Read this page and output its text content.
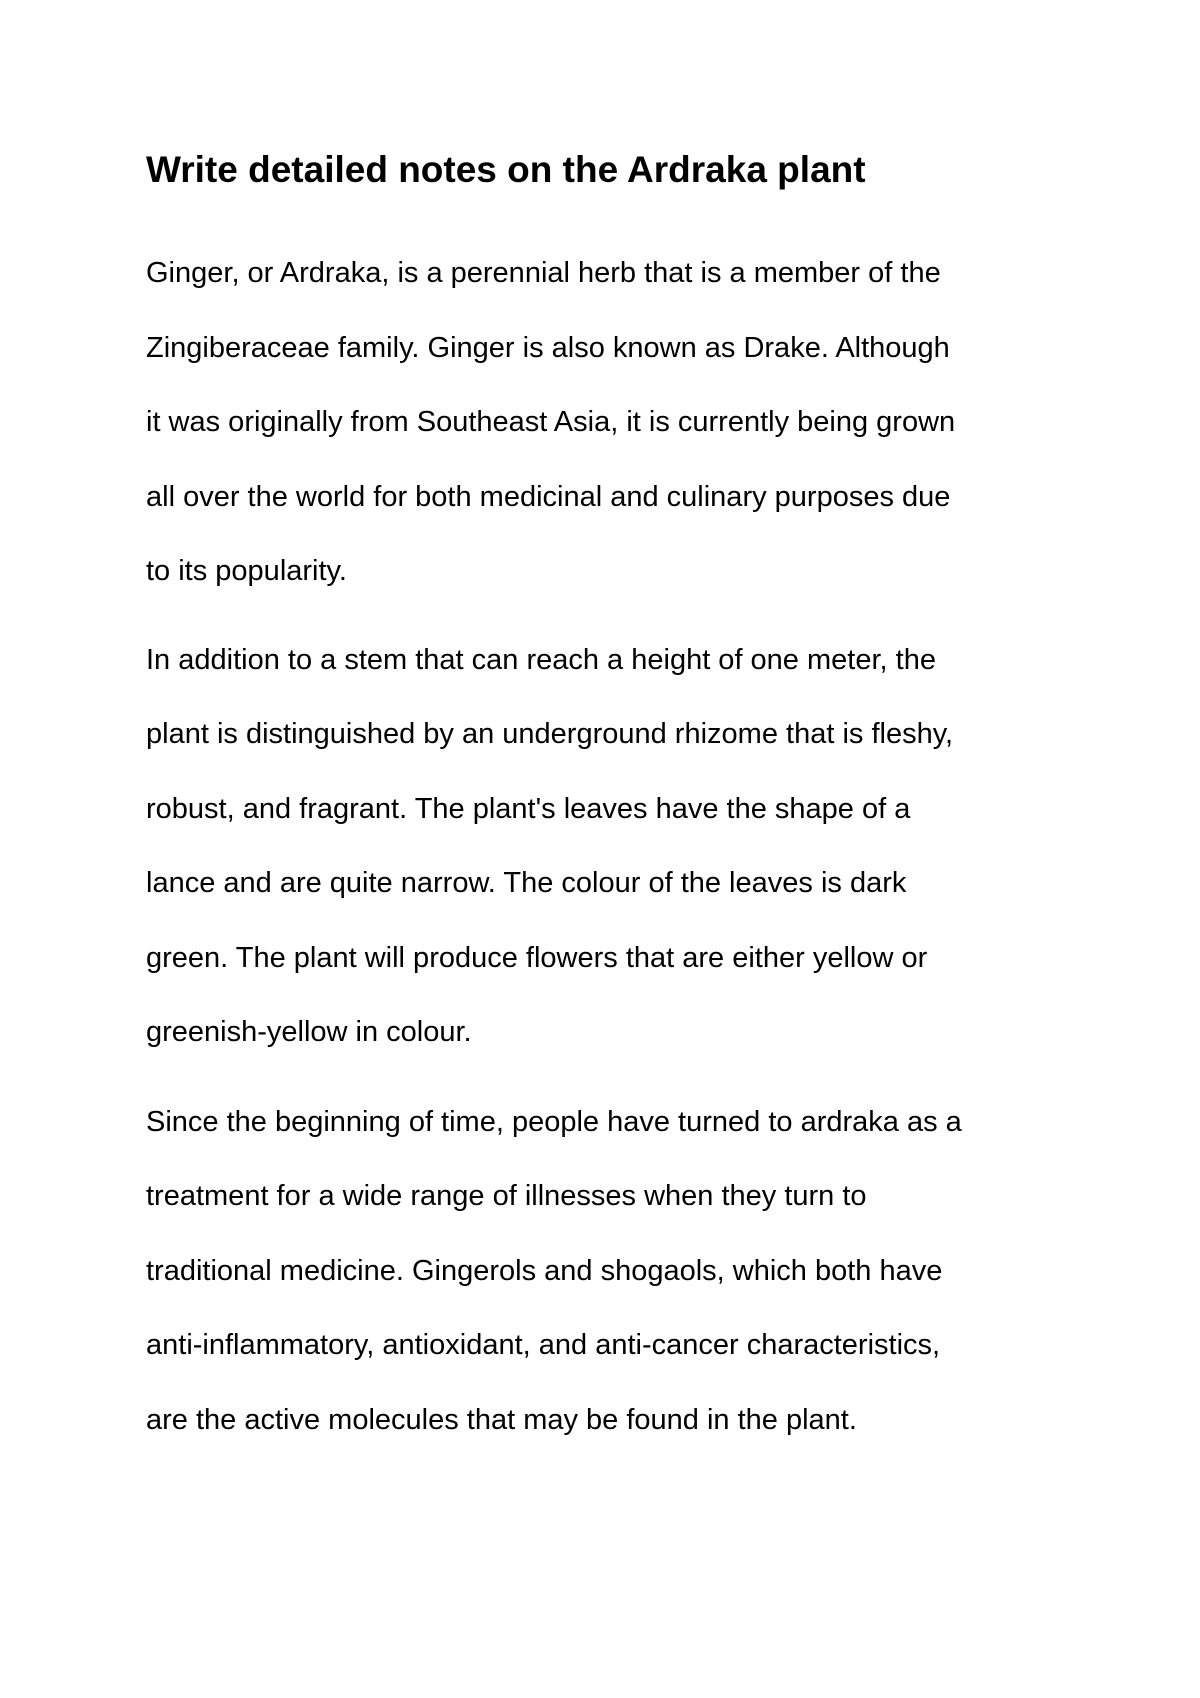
Write detailed notes on the Ardraka plant

Ginger, or Ardraka, is a perennial herb that is a member of the
Zingiberaceae family. Ginger is also known as Drake. Although
it was originally from Southeast Asia, it is currently being grown
all over the world for both medicinal and culinary purposes due
to its popularity.

In addition to a stem that can reach a height of one meter, the
plant is distinguished by an underground rhizome that is fleshy,
robust, and fragrant. The plant's leaves have the shape of a
lance and are quite narrow. The colour of the leaves is dark
green. The plant will produce flowers that are either yellow or
greenish-yellow in colour.

Since the beginning of time, people have turned to ardraka as a
treatment for a wide range of illnesses when they turn to
traditional medicine. Gingerols and shogaols, which both have
anti-inflammatory, antioxidant, and anti-cancer characteristics,
are the active molecules that may be found in the plant.
